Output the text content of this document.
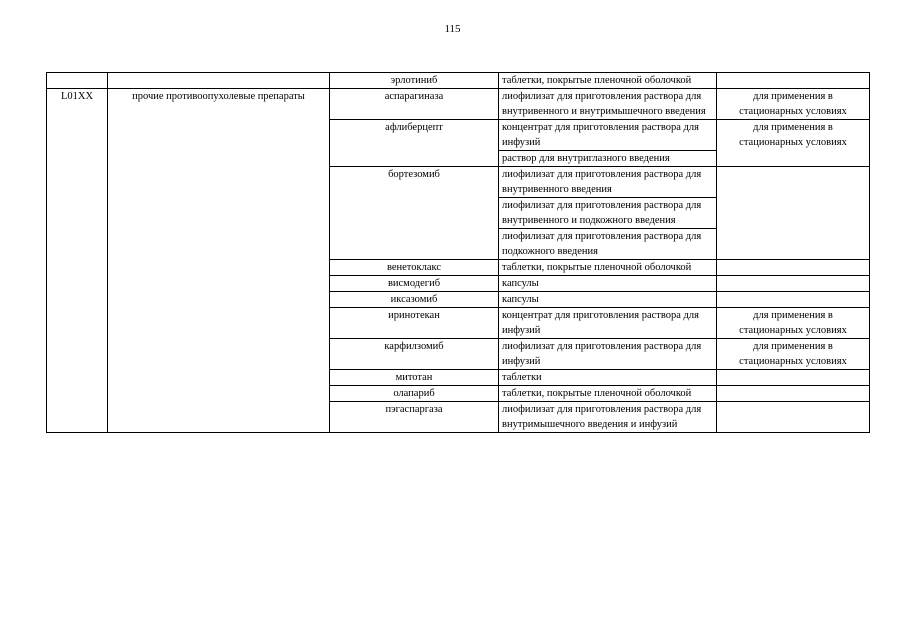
115
		эрлотиниб	таблетки, покрытые пленочной оболочкой	
L01XX	прочие противоопухолевые препараты	аспарагиназа	лиофилизат для приготовления раствора для внутривенного и внутримышечного введения	для применения в стационарных условиях
		афлиберцепт	концентрат для приготовления раствора для инфузий	для применения в стационарных условиях
			раствор для внутриглазного введения	
		бортезомиб	лиофилизат для приготовления раствора для внутривенного введения	
			лиофилизат для приготовления раствора для внутривенного и подкожного введения	
			лиофилизат для приготовления раствора для подкожного введения	
		венетоклакс	таблетки, покрытые пленочной оболочкой	
		висмодегиб	капсулы	
		иксазомиб	капсулы	
		иринотекан	концентрат для приготовления раствора для инфузий	для применения в стационарных условиях
		карфилзомиб	лиофилизат для приготовления раствора для инфузий	для применения в стационарных условиях
		митотан	таблетки	
		олапариб	таблетки, покрытые пленочной оболочкой	
		пэгаспаргаза	лиофилизат для приготовления раствора для внутримышечного введения и инфузий	
